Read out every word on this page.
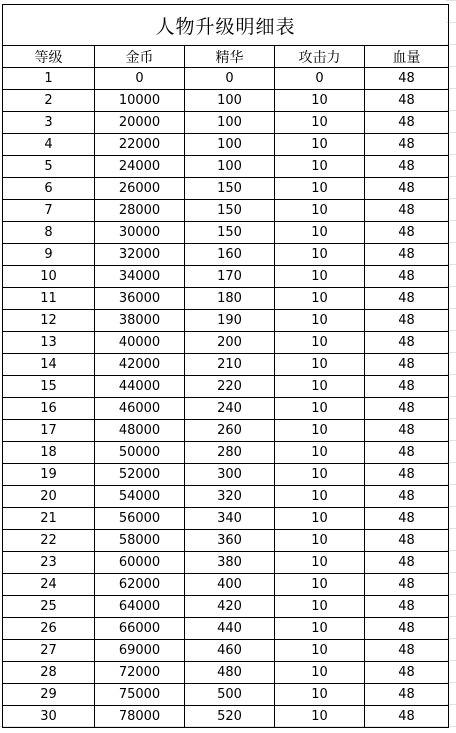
人物升级明细表				
等级	金币	精华	攻击力	血量
1	0	0	0	48
2	10000	100	10	48
3	20000	100	10	48
4	22000	100	10	48
5	24000	100	10	48
6	26000	150	10	48
7	28000	150	10	48
8	30000	150	10	48
9	32000	160	10	48
10	34000	170	10	48
11	36000	180	10	48
12	38000	190	10	48
13	40000	200	10	48
14	42000	210	10	48
15	44000	220	10	48
16	46000	240	10	48
17	48000	260	10	48
18	50000	280	10	48
19	52000	300	10	48
20	54000	320	10	48
21	56000	340	10	48
22	58000	360	10	48
23	60000	380	10	48
24	62000	400	10	48
25	64000	420	10	48
26	66000	440	10	48
27	69000	460	10	48
28	72000	480	10	48
29	75000	500	10	48
30	78000	520	10	48
